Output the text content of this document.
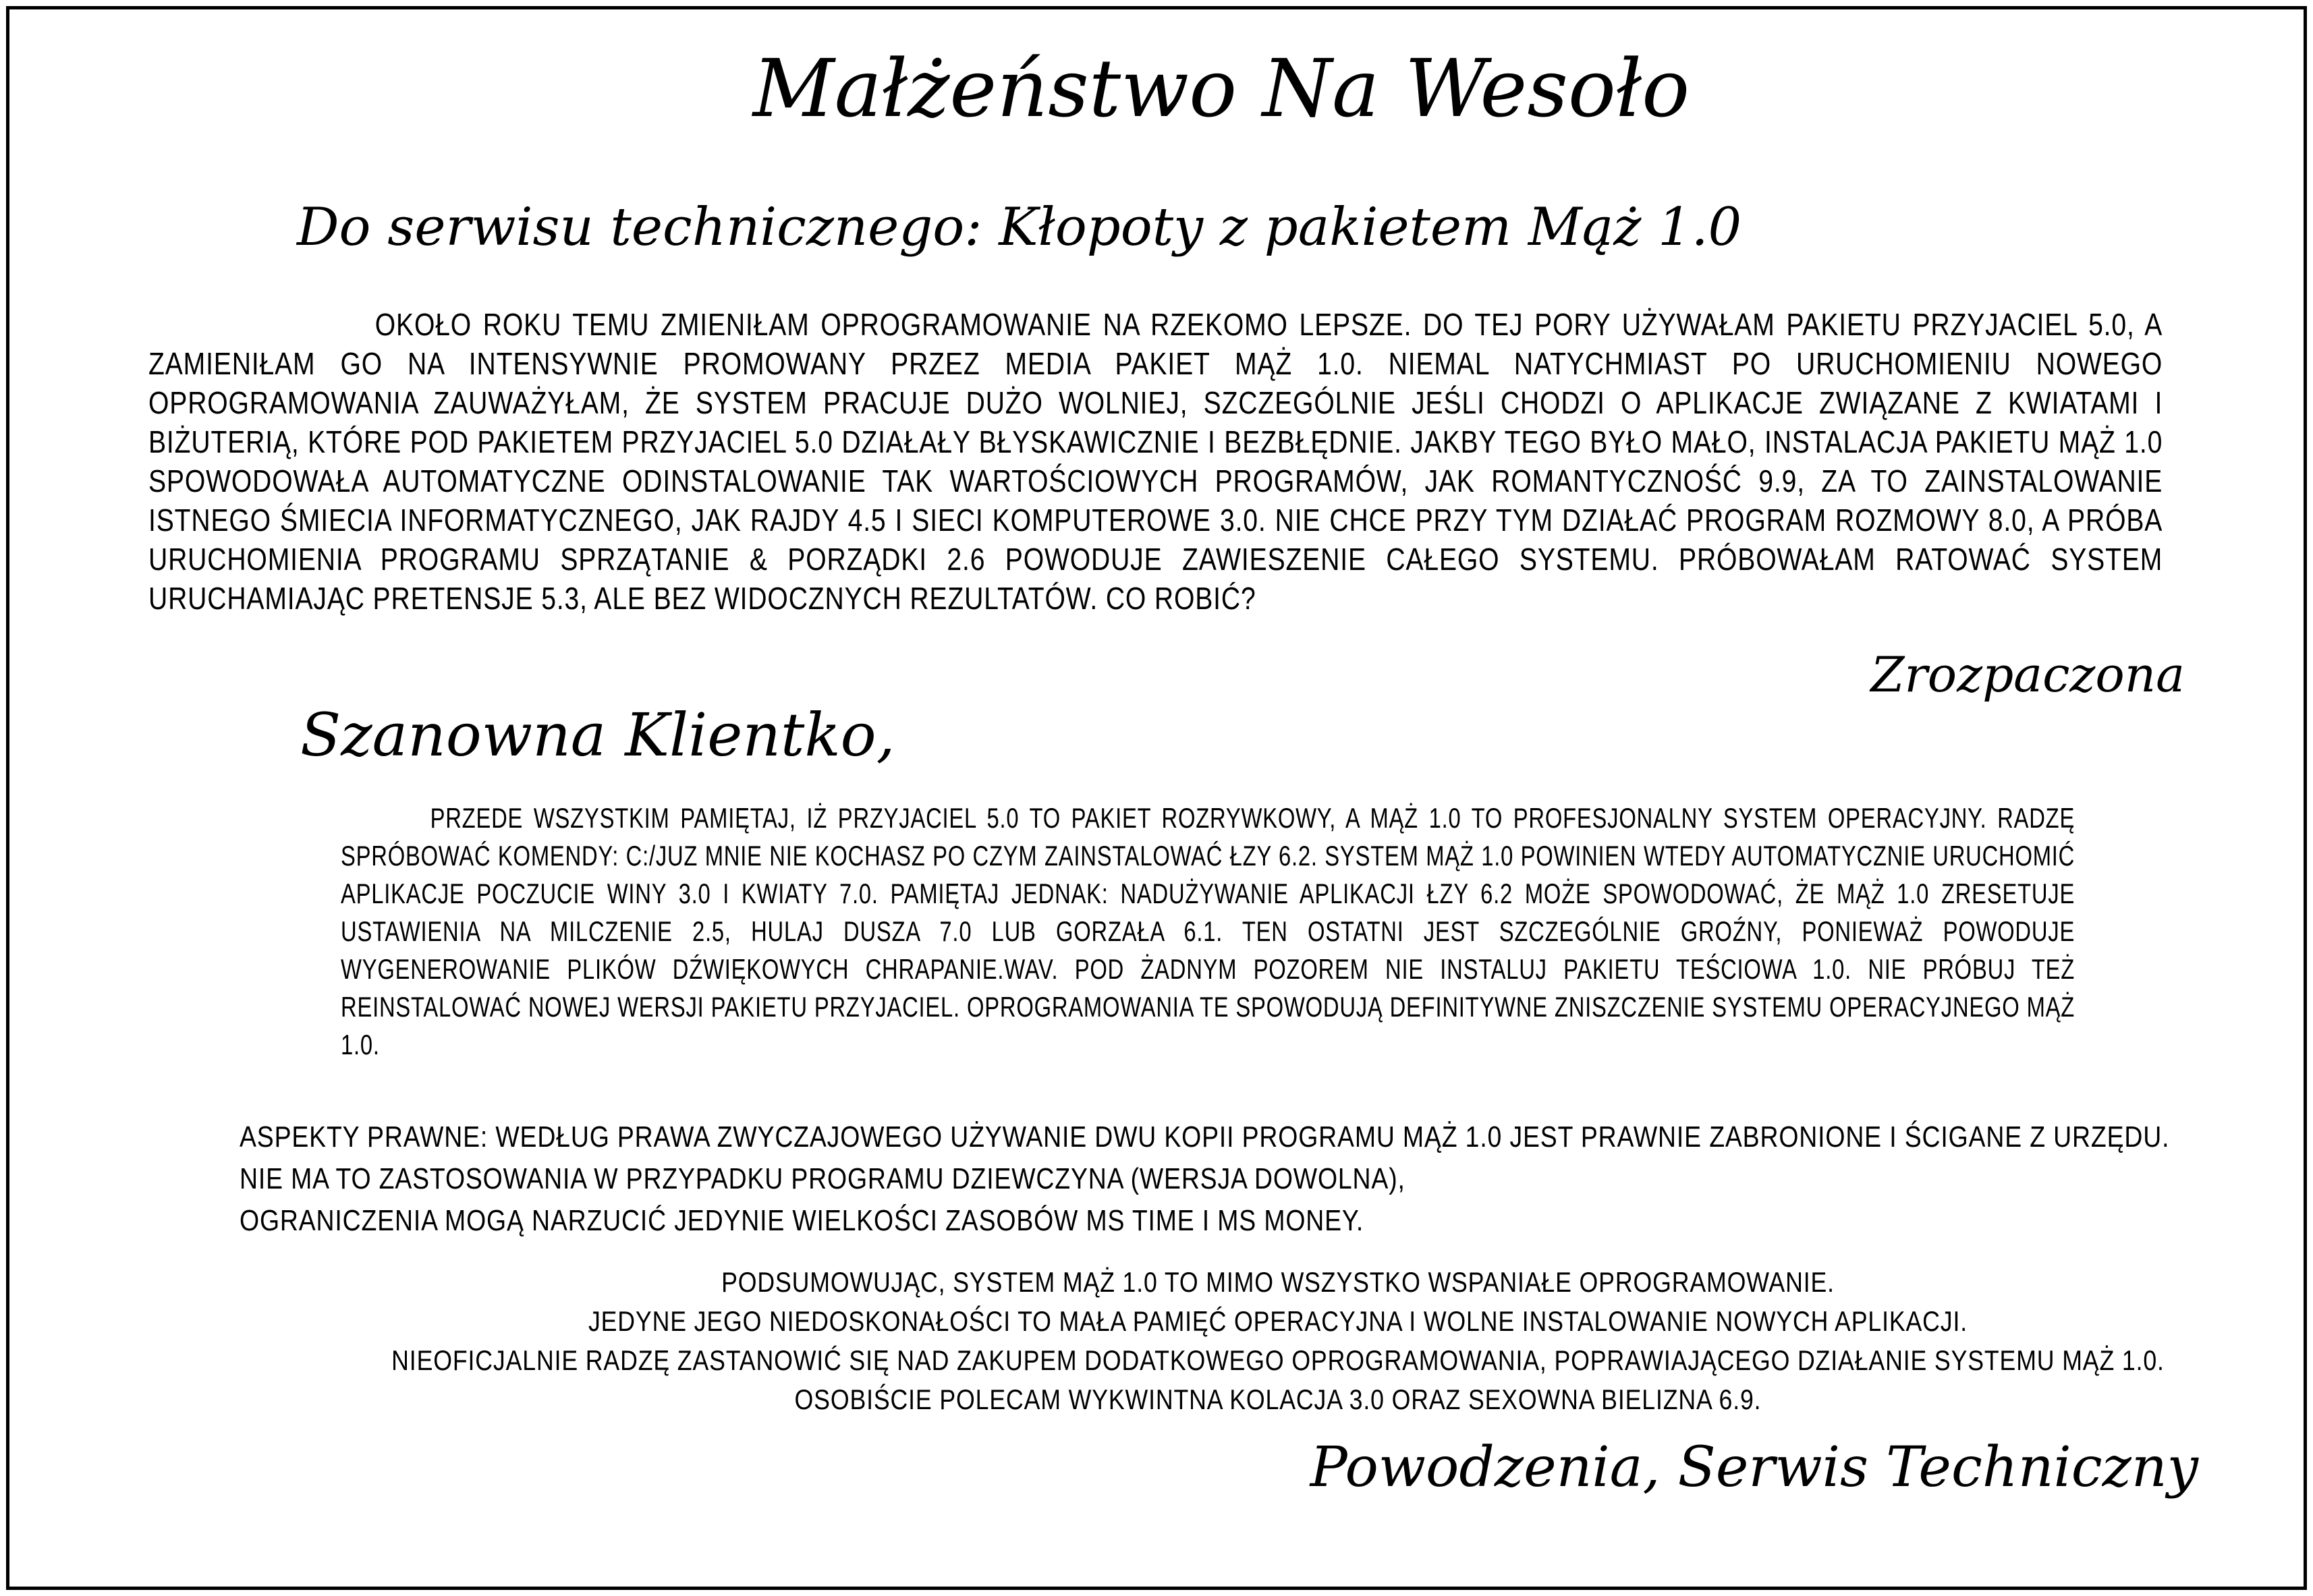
Małżeństwo Na Wesoło
Do serwisu technicznego: Kłopoty z pakietem Mąż 1.0
OKOŁO ROKU TEMU ZMIENIŁAM OPROGRAMOWANIE NA RZEKOMO LEPSZE. DO TEJ PORY UŻYWAŁAM PAKIETU PRZYJACIEL 5.0, A ZAMIENIŁAM GO NA INTENSYWNIE PROMOWANY PRZEZ MEDIA PAKIET MĄŻ 1.0. NIEMAL NATYCHMIAST PO URUCHOMIENIU NOWEGO OPROGRAMOWANIA ZAUWAŻYŁAM, ŻE SYSTEM PRACUJE DUŻO WOLNIEJ, SZCZEGÓLNIE JEŚLI CHODZI O APLIKACJE ZWIĄZANE Z KWIATAMI I BIŻUTERIĄ, KTÓRE POD PAKIETEM PRZYJACIEL 5.0 DZIAŁAŁY BŁYSKAWICZNIE I BEZBŁĘDNIE. JAKBY TEGO BYŁO MAŁO, INSTALACJA PAKIETU MĄŻ 1.0 SPOWODOWAŁA AUTOMATYCZNE ODINSTALOWANIE TAK WARTOŚCIOWYCH PROGRAMÓW, JAK ROMANTYCZNOŚĆ 9.9, ZA TO ZAINSTALOWANIE ISTNEGO ŚMIECIA INFORMATYCZNEGO, JAK RAJDY 4.5 I SIECI KOMPUTEROWE 3.0. NIE CHCE PRZY TYM DZIAŁAĆ PROGRAM ROZMOWY 8.0, A PRÓBA URUCHOMIENIA PROGRAMU SPRZĄTANIE & PORZĄDKI 2.6 POWODUJE ZAWIESZENIE CAŁEGO SYSTEMU. PRÓBOWAŁAM RATOWAĆ SYSTEM URUCHAMIAJĄC PRETENSJE 5.3, ALE BEZ WIDOCZNYCH REZULTATÓW. CO ROBIĆ?
Zrozpaczona
Szanowna Klientko,
PRZEDE WSZYSTKIM PAMIĘTAJ, IŻ PRZYJACIEL 5.0 TO PAKIET ROZRYWKOWY, A MĄŻ 1.0 TO PROFESJONALNY SYSTEM OPERACYJNY. RADZĘ SPRÓBOWAĆ KOMENDY: C:/JUZ MNIE NIE KOCHASZ PO CZYM ZAINSTALOWAĆ ŁZY 6.2. SYSTEM MĄŻ 1.0 POWINIEN WTEDY AUTOMATYCZNIE URUCHOMIĆ APLIKACJE POCZUCIE WINY 3.0 I KWIATY 7.0. PAMIĘTAJ JEDNAK: NADUŻYWANIE APLIKACJI ŁZY 6.2 MOŻE SPOWODOWAĆ, ŻE MĄŻ 1.0 ZRESETUJE USTAWIENIA NA MILCZENIE 2.5, HULAJ DUSZA 7.0 LUB GORZAŁA 6.1. TEN OSTATNI JEST SZCZEGÓLNIE GROŹNY, PONIEWAŻ POWODUJE WYGENEROWANIE PLIKÓW DŹWIĘKOWYCH CHRAPANIE.WAV. POD ŻADNYM POZOREM NIE INSTALUJ PAKIETU TEŚCIOWA 1.0. NIE PRÓBUJ TEŻ REINSTALOWAĆ NOWEJ WERSJI PAKIETU PRZYJACIEL. OPROGRAMOWANIA TE SPOWODUJĄ DEFINITYWNE ZNISZCZENIE SYSTEMU OPERACYJNEGO MĄŻ 1.0.
ASPEKTY PRAWNE: WEDŁUG PRAWA ZWYCZAJOWEGO UŻYWANIE DWU KOPII PROGRAMU MĄŻ 1.0 JEST PRAWNIE ZABRONIONE I ŚCIGANE Z URZĘDU.
NIE MA TO ZASTOSOWANIA W PRZYPADKU PROGRAMU DZIEWCZYNA (WERSJA DOWOLNA),
OGRANICZENIA MOGĄ NARZUCIĆ JEDYNIE WIELKOŚCI ZASOBÓW MS TIME I MS MONEY.
PODSUMOWUJĄC, SYSTEM MĄŻ 1.0 TO MIMO WSZYSTKO WSPANIAŁE OPROGRAMOWANIE.
JEDYNE JEGO NIEDOSKONAŁOŚCI TO MAŁA PAMIĘĆ OPERACYJNA I WOLNE INSTALOWANIE NOWYCH APLIKACJI.
NIEOFICJALNIE RADZĘ ZASTANOWIĆ SIĘ NAD ZAKUPEM DODATKOWEGO OPROGRAMOWANIA, POPRAWIAJĄCEGO DZIAŁANIE SYSTEMU MĄŻ 1.0.
OSOBIŚCIE POLECAM WYKWINTNA KOLACJA 3.0 ORAZ SEXOWNA BIELIZNA 6.9.
Powodzenia, Serwis Techniczny
